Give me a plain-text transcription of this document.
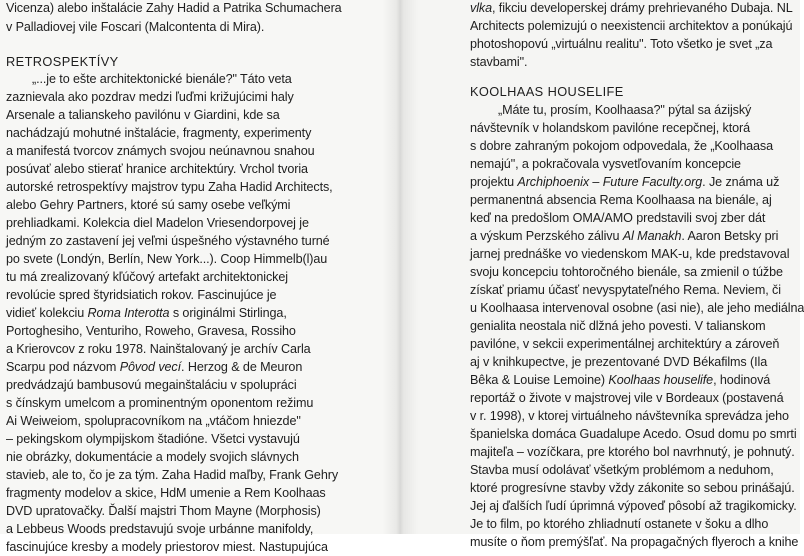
Vicenza) alebo inštalácie Zahy Hadid a Patrika Schumachera
v Palladiovej vile Foscari (Malcontenta di Mira).
RETROSPEKTÍVY
„...je to ešte architektonické bienále?" Táto veta
zaznievala ako pozdrav medzi ľuďmi križujúcimi haly
Arsenale a talianskeho pavilónu v Giardini, kde sa
nachádzajú mohutné inštalácie, fragmenty, experimenty
a manifestá tvorcov známych svojou neúnavnou snahou
posúvať alebo stierať hranice architektúry. Vrchol tvoria
autorské retrospektívy majstrov typu Zaha Hadid Architects,
alebo Gehry Partners, ktoré sú samy osebe veľkými
prehliadkami. Kolekcia diel Madelon Vriesendorpovej je
jedným zo zastavení jej veľmi úspešného výstavného turné
po svete (Londýn, Berlín, New York...). Coop Himmelb(l)au
tu má zrealizovaný kľúčový artefakt architektonickej
revolúcie spred štyridsiatich rokov. Fascinujúce je
vidieť kolekciu Roma Interotta s originálmi Stirlinga,
Portoghesiho, Venturiho, Roweho, Gravesa, Rossiho
a Krierovcov z roku 1978. Nainštalovaný je archív Carla
Scarpu pod názvom Pôvod vecí. Herzog & de Meuron
predvádzajú bambusovú megainštaláciu v spolupráci
s čínskym umelcom a prominentným oponentom režimu
Ai Weiweiom, spolupracovníkom na „vtáčom hniezde"
– pekingskom olympijskom štadióne. Všetci vystavujú
nie obrázky, dokumentácie a modely svojich slávnych
stavieb, ale to, čo je za tým. Zaha Hadid maľby, Frank Gehry
fragmenty modelov a skice, HdM umenie a Rem Koolhaas
DVD upratovačky. Ďalší majstri Thom Mayne (Morphosis)
a Lebbeus Woods predstavujú svoje urbánne manifoldy,
fascinujúce kresby a modely priestorov miest. Nastupujúca
vlka, fikciu developerskej drámy prehrievaného Dubaja. NL
Architects polemizujú o neexistencii architektov a ponúkajú
photoshopovú „virtuálnu realitu". Toto všetko je svet „za
stavbami".
KOOLHAAS HOUSELIFE
„Máte tu, prosím, Koolhaasa?" pýtal sa ázijský
návštevník v holandskom pavilóne recepčnej, ktorá
s dobre zahraným pokojom odpovedala, že „Koolhaasa
nemajú", a pokračovala vysvetľovaním koncepcie
projektu Archiphoenix – Future Faculty.org. Je známa už
permanentná absencia Rema Koolhaasa na bienále, aj
keď na predošlom OMA/AMO predstavili svoj zber dát
a výskum Perzského zálivu Al Manakh. Aaron Betsky pri
jarnej prednáške vo viedenskom MAK-u, kde predstavoval
svoju koncepciu tohtoročného bienále, sa zmienil o túžbe
získať priamu účasť nevyspytateľného Rema. Neviem, či
u Koolhaasa intervenoval osobne (asi nie), ale jeho mediálna
genialita neostala nič dlžná jeho povesti. V talianskom
pavilóne, v sekcii experimentálnej architektúry a zároveň
aj v knihkupectve, je prezentované DVD Békafilms (Ila
Bêka & Louise Lemoine) Koolhaas houselife, hodinová
reportáž o živote v majstrovej vile v Bordeaux (postavená
v r. 1998), v ktorej virtuálneho návštevníka sprevádza jeho
španielska domáca Guadalupe Acedo. Osud domu po smrti
majiteľa – vozíčkara, pre ktorého bol navrhnutý, je pohnutý.
Stavba musí odolávať všetkým problémom a neduhom,
ktoré progresívne stavby vždy zákonite so sebou prinášajú.
Jej aj ďalších ľudí úprimná výpoveď pôsobí až tragikomicky.
Je to film, po ktorého zhliadnutí ostanete v šoku a dlho
musíte o ňom premýšľať. Na propagačných flyeroch a knihe
